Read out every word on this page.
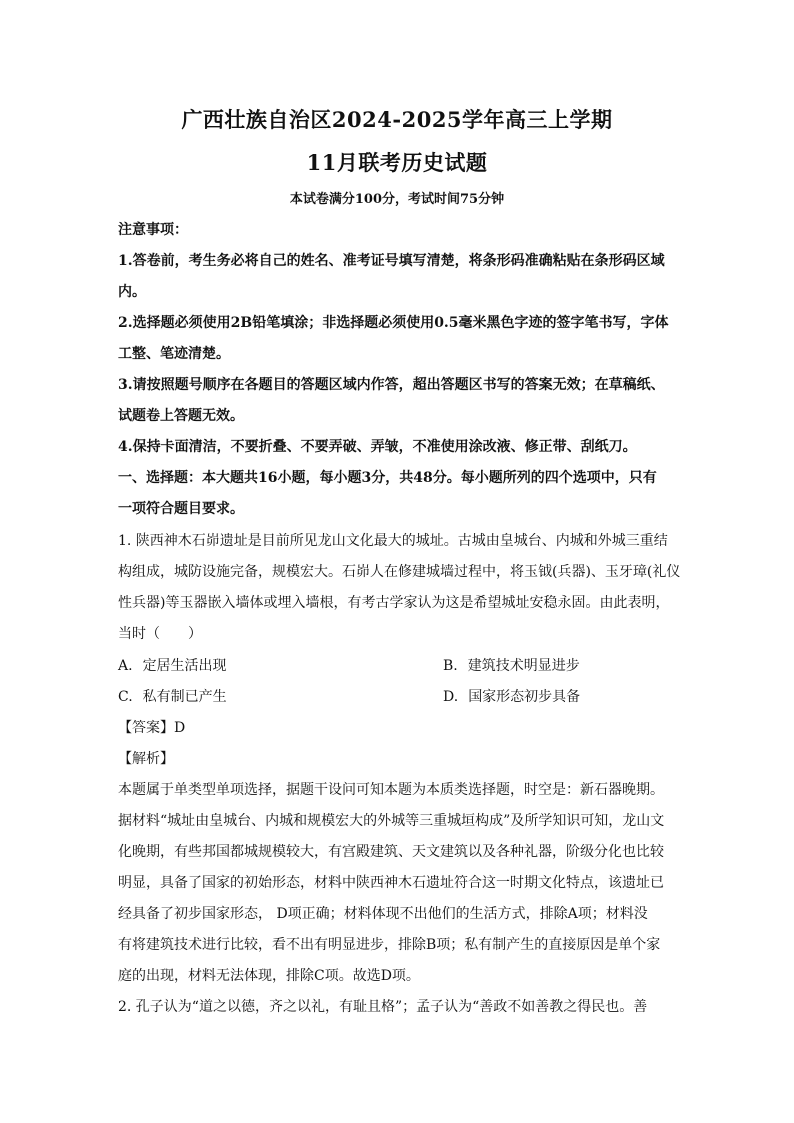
广西壮族自治区2024-2025学年高三上学期
11月联考历史试题
本试卷满分100分，考试时间75分钟
注意事项：
1.答卷前，考生务必将自己的姓名、准考证号填写清楚，将条形码准确粘贴在条形码区域
内。
2.选择题必须使用2B铅笔填涂；非选择题必须使用0.5毫米黑色字迹的签字笔书写，字体
工整、笔迹清楚。
3.请按照题号顺序在各题目的答题区域内作答，超出答题区书写的答案无效；在草稿纸、
试题卷上答题无效。
4.保持卡面清洁，不要折叠、不要弄破、弄皱，不准使用涂改液、修正带、刮纸刀。
一、选择题：本大题共16小题，每小题3分，共48分。每小题所列的四个选项中，只有
一项符合题目要求。
1. 陕西神木石峁遗址是目前所见龙山文化最大的城址。古城由皇城台、内城和外城三重结
构组成，城防设施完备，规模宏大。石峁人在修建城墙过程中，将玉钺(兵器)、玉牙璋(礼仪
性兵器)等玉器嵌入墙体或埋入墙根，有考古学家认为这是希望城址安稳永固。由此表明，
当时（　　）
A. 定居生活出现	B. 建筑技术明显进步
C. 私有制已产生	D. 国家形态初步具备
【答案】D
【解析】
本题属于单类型单项选择，据题干设问可知本题为本质类选择题，时空是：新石器晚期。
据材料“城址由皇城台、内城和规模宏大的外城等三重城垣构成”及所学知识可知，龙山文
化晚期，有些邦国都城规模较大，有宫殿建筑、天文建筑以及各种礼器，阶级分化也比较
明显，具备了国家的初始形态，材料中陕西神木石遗址符合这一时期文化特点，该遗址已
经具备了初步国家形态， D项正确；材料体现不出他们的生活方式，排除A项；材料没
有将建筑技术进行比较，看不出有明显进步，排除B项；私有制产生的直接原因是单个家
庭的出现，材料无法体现，排除C项。故选D项。
2. 孔子认为“道之以德，齐之以礼，有耻且格”；孟子认为“善政不如善教之得民也。善
